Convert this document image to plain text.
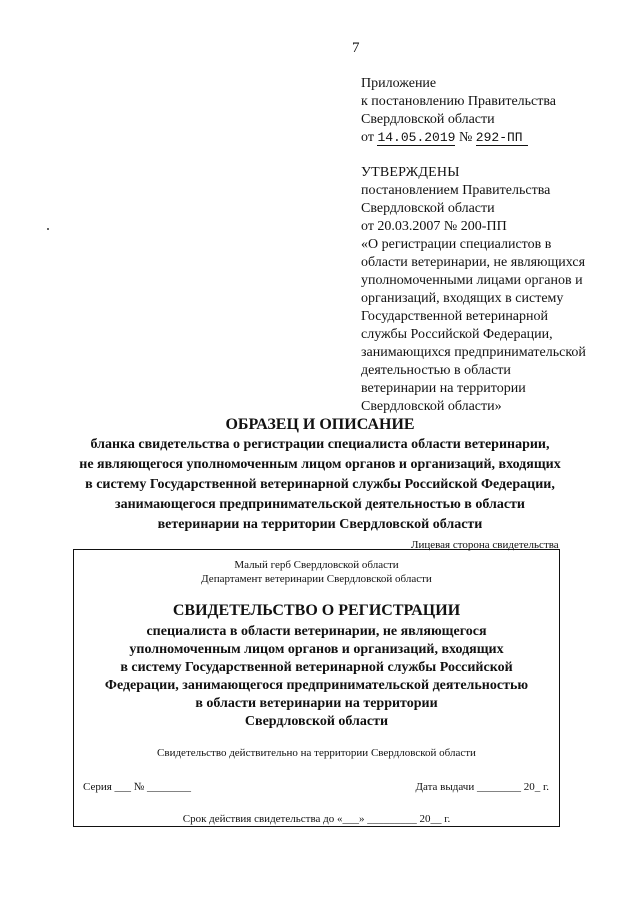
7

Приложение
к постановлению Правительства
Свердловской области
от 14.05.2019 № 292-ПП
УТВЕРЖДЕНЫ
постановлением Правительства
Свердловской области
от 20.03.2007 № 200-ПП
«О регистрации специалистов в
области ветеринарии, не являющихся
уполномоченными лицами органов и
организаций, входящих в систему
Государственной ветеринарной
службы Российской Федерации,
занимающихся предпринимательской
деятельностью в области
ветеринарии на территории
Свердловской области»
ОБРАЗЕЦ И ОПИСАНИЕ
бланка свидетельства о регистрации специалиста области ветеринарии,
не являющегося уполномоченным лицом органов и организаций, входящих
в систему Государственной ветеринарной службы Российской Федерации,
занимающегося предпринимательской деятельностью в области
ветеринарии на территории Свердловской области

Лицевая сторона свидетельства

Малый герб Свердловской области

Департамент ветеринарии Свердловской области

СВИДЕТЕЛЬСТВО О РЕГИСТРАЦИИ

специалиста в области ветеринарии, не являющегося
уполномоченным лицом органов и организаций, входящих
в систему Государственной ветеринарной службы Российской
Федерации, занимающегося предпринимательской деятельностью
в области ветеринарии на территории
Свердловской области

Свидетельство действительно на территории Свердловской области

Серия ___ № ________	Дата выдачи ________ 20_ г.

Срок действия свидетельства до «___» _________ 20__ г.
